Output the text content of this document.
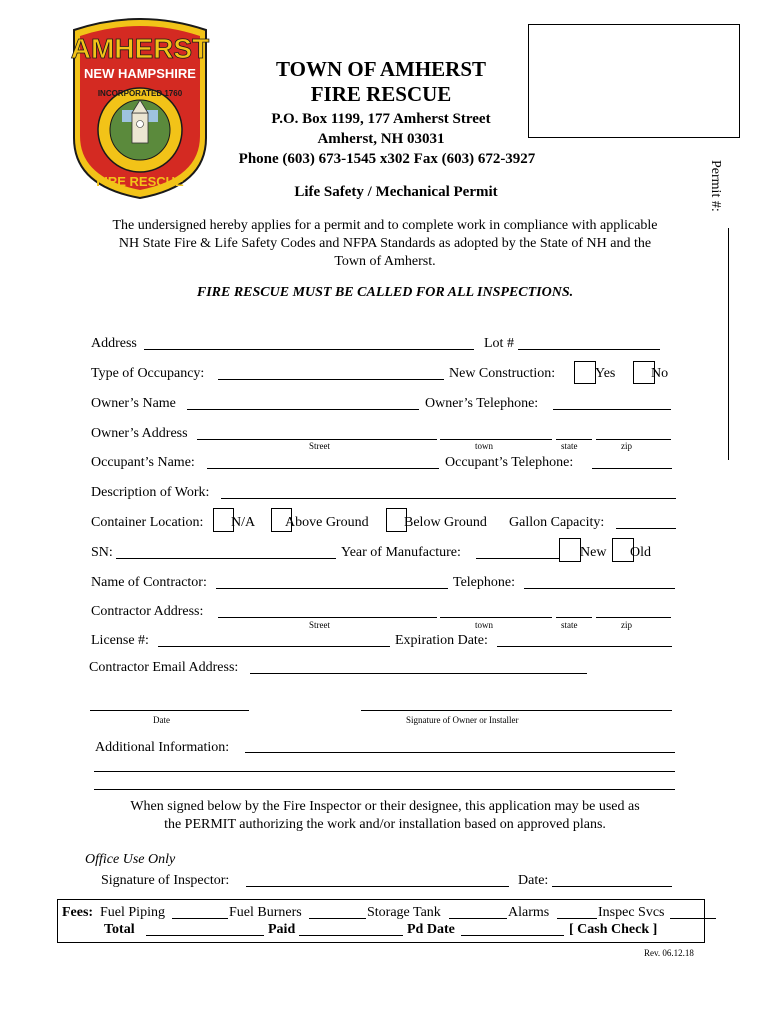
AMHERST
NEW HAMPSHIRE
INCORPORATED 1760
FIRE RESCUE
TOWN OF AMHERST
FIRE RESCUE
P.O. Box 1199, 177 Amherst Street
Amherst, NH 03031
Phone (603) 673-1545 x302 Fax (603) 672-3927
Life Safety / Mechanical Permit	Permit #:
The undersigned hereby applies for a permit and to complete work in compliance with applicable
NH State Fire & Life Safety Codes and NFPA Standards as adopted by the State of NH and the
Town of Amherst.
FIRE RESCUE MUST BE CALLED FOR ALL INSPECTIONS.
Address	Lot #
Type of Occupancy:	New Construction:	Yes	No
Owner’s Name	Owner’s Telephone:
Owner’s Address
Street	town	state	zip
Occupant’s Name:	Occupant’s Telephone:
Description of Work:
Container Location: N/A Above Ground	Below Ground Gallon Capacity:
SN:	Year of Manufacture:	New Old
Name of Contractor:	Telephone:
Contractor Address:
Street	town	state	zip
License #:	Expiration Date:
Contractor Email Address:
Date	Signature of Owner or Installer
Additional Information:
When signed below by the Fire Inspector or their designee, this application may be used as
the PERMIT authorizing the work and/or installation based on approved plans.
Office Use Only
Signature of Inspector:	Date:
Fees: Fuel Piping	Fuel Burners	Storage Tank	Alarms	Inspec Svcs
Total	Paid	Pd Date	[ Cash Check ]
Rev. 06.12.18
